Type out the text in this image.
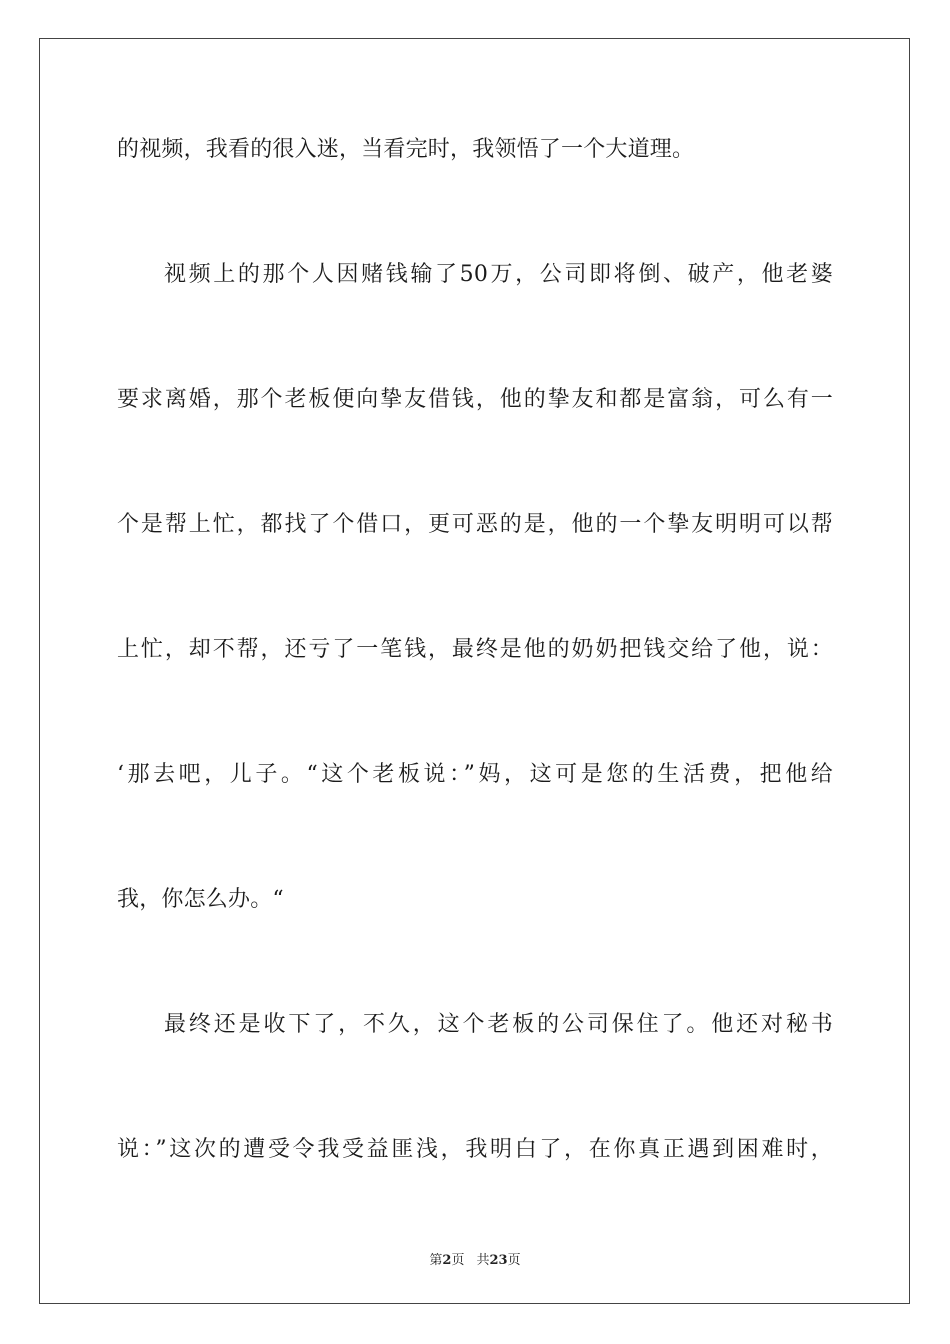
的视频，我看的很入迷，当看完时，我领悟了一个大道理。
视频上的那个人因赌钱输了50万，公司即将倒、破产，他老婆
要求离婚，那个老板便向挚友借钱，他的挚友和都是富翁，可么有一
个是帮上忙，都找了个借口，更可恶的是，他的一个挚友明明可以帮
上忙，却不帮，还亏了一笔钱，最终是他的奶奶把钱交给了他，说：
‘那去吧，儿子。“这个老板说：”妈，这可是您的生活费，把他给
我，你怎么办。“
最终还是收下了，不久，这个老板的公司保住了。他还对秘书
说：”这次的遭受令我受益匪浅，我明白了，在你真正遇到困难时，
第2页 共23页
